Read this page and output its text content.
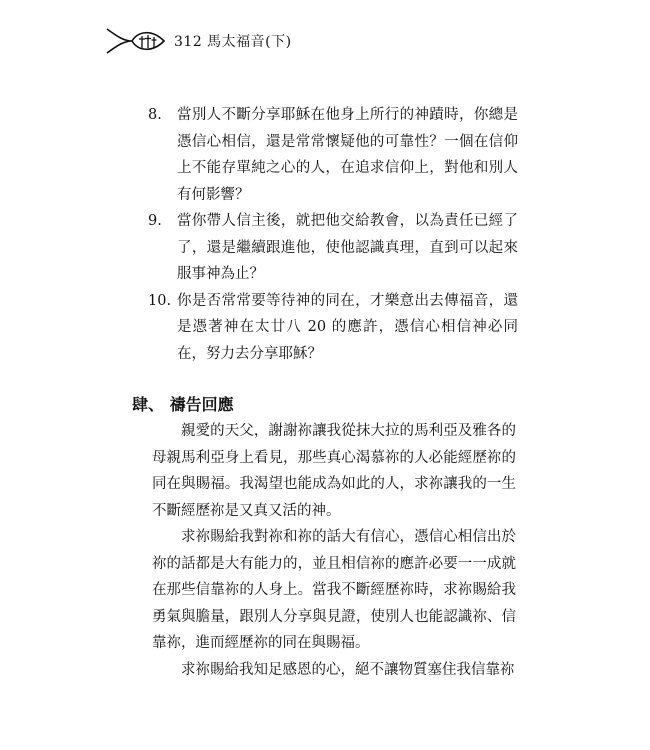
312 馬太福音(下)
8.	當別人不斷分享耶穌在他身上所行的神蹟時，你總是憑信心相信，還是常常懷疑他的可靠性？一個在信仰上不能存單純之心的人，在追求信仰上，對他和別人有何影響？
9.	當你帶人信主後，就把他交給教會，以為責任已經了了，還是繼續跟進他，使他認識真理，直到可以起來服事神為止？
10. 你是否常常要等待神的同在，才樂意出去傳福音，還是憑著神在太廿八 20 的應許，憑信心相信神必同在，努力去分享耶穌？
肆、 禱告回應

親愛的天父，謝謝祢讓我從抹大拉的馬利亞及雅各的母親馬利亞身上看見，那些真心渴慕祢的人必能經歷祢的同在與賜福。我渴望也能成為如此的人，求祢讓我的一生不斷經歷祢是又真又活的神。

求祢賜給我對祢和祢的話大有信心，憑信心相信出於祢的話都是大有能力的，並且相信祢的應許必要一一成就在那些信靠祢的人身上。當我不斷經歷祢時，求祢賜給我勇氣與膽量，跟別人分享與見證，使別人也能認識祢、信靠祢，進而經歷祢的同在與賜福。

求祢賜給我知足感恩的心，絕不讓物質塞住我信靠祢
